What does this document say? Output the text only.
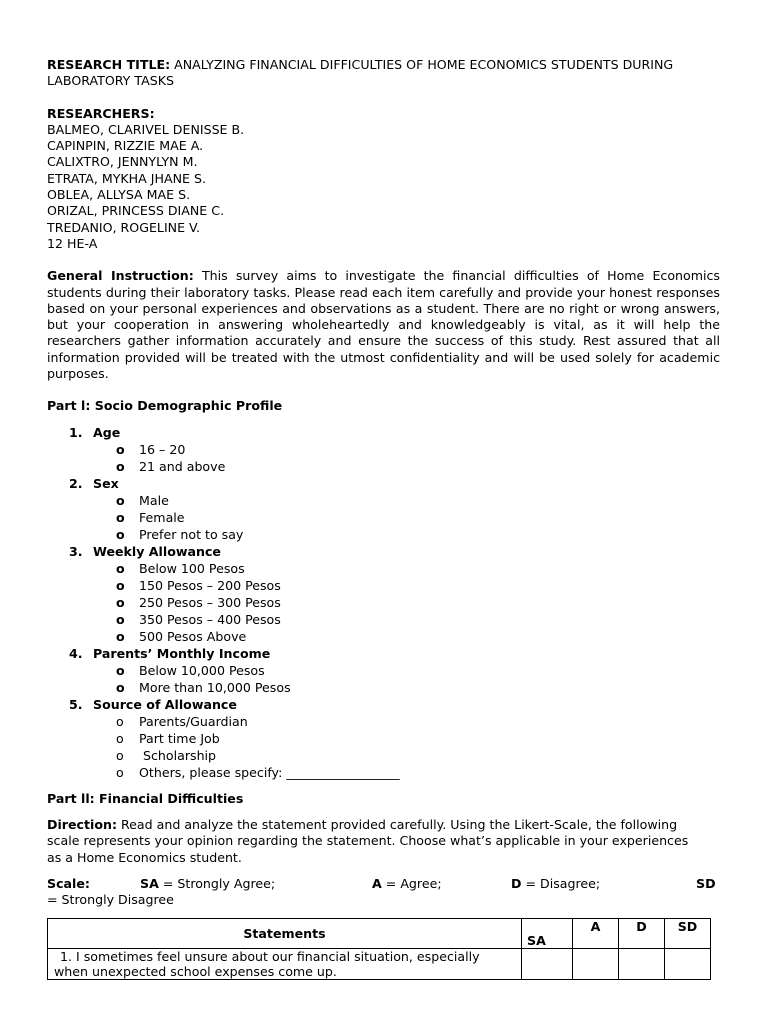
RESEARCH TITLE: ANALYZING FINANCIAL DIFFICULTIES OF HOME ECONOMICS STUDENTS DURING
LABORATORY TASKS
RESEARCHERS:
BALMEO, CLARIVEL DENISSE B.
CAPINPIN, RIZZIE MAE A.
CALIXTRO, JENNYLYN M.
ETRATA, MYKHA JHANE S.
OBLEA, ALLYSA MAE S.
ORIZAL, PRINCESS DIANE C.
TREDANIO, ROGELINE V.
12 HE-A
General Instruction: This survey aims to investigate the financial difficulties of Home Economics students during their laboratory tasks. Please read each item carefully and provide your honest responses based on your personal experiences and observations as a student. There are no right or wrong answers, but your cooperation in answering wholeheartedly and knowledgeably is vital, as it will help the researchers gather information accurately and ensure the success of this study. Rest assured that all information provided will be treated with the utmost confidentiality and will be used solely for academic purposes.
Part l: Socio Demographic Profile
1. Age
o 16 – 20
o 21 and above
2. Sex
o Male
o Female
o Prefer not to say
3. Weekly Allowance
o Below 100 Pesos
o 150 Pesos – 200 Pesos
o 250 Pesos – 300 Pesos
o 350 Pesos – 400 Pesos
o 500 Pesos Above
4. Parents’ Monthly Income
o Below 10,000 Pesos
o More than 10,000 Pesos
5. Source of Allowance
o Parents/Guardian
o Part time Job
o Scholarship
o Others, please specify: __________________
Part ll: Financial Difficulties
Direction: Read and analyze the statement provided carefully. Using the Likert-Scale, the following
scale represents your opinion regarding the statement. Choose what’s applicable in your experiences
as a Home Economics student.
Scale:	SA = Strongly Agree;	A = Agree;	D = Disagree;	SD
= Strongly Disagree
Statements	SA	A	D	SD

1. I sometimes feel unsure about our financial situation, especially
when unexpected school expenses come up.				
